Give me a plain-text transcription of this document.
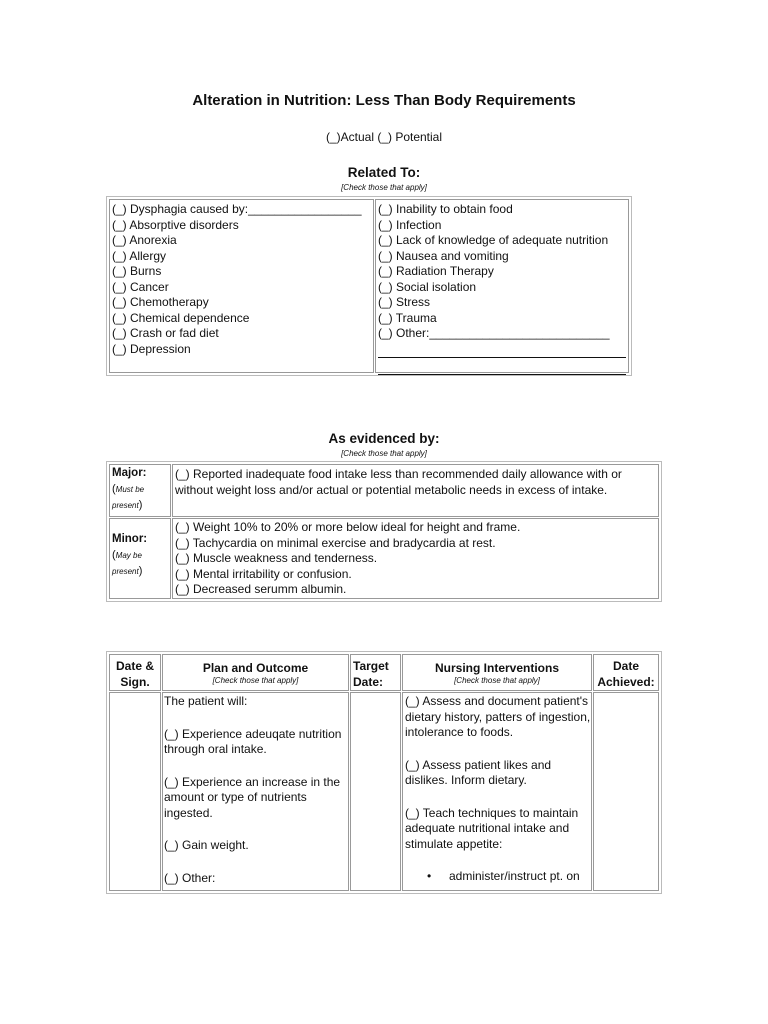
Alteration in Nutrition: Less Than Body Requirements
(_)Actual (_) Potential
Related To:
[Check those that apply]
(_) Dysphagia caused by:_________________
(_) Absorptive disorders
(_) Anorexia
(_) Allergy
(_) Burns
(_) Cancer
(_) Chemotherapy
(_) Chemical dependence
(_) Crash or fad diet
(_) Depression
(_) Inability to obtain food
(_) Infection
(_) Lack of knowledge of adequate nutrition
(_) Nausea and vomiting
(_) Radiation Therapy
(_) Social isolation
(_) Stress
(_) Trauma
(_) Other:___________________________
As evidenced by:
[Check those that apply]
Major:
(Must be present)
(_) Reported inadequate food intake less than recommended daily allowance with or without weight loss and/or actual or potential metabolic needs in excess of intake.
Minor:
(May be present)
(_) Weight 10% to 20% or more below ideal for height and frame.
(_) Tachycardia on minimal exercise and bradycardia at rest.
(_) Muscle weakness and tenderness.
(_) Mental irritability or confusion.
(_) Decreased serumm albumin.
Date & Sign.
Plan and Outcome
[Check those that apply]
Target Date:
Nursing Interventions
[Check those that apply]
Date Achieved:
The patient will:
(_) Experience adeuqate nutrition through oral intake.
(_) Experience an increase in the amount or type of nutrients ingested.
(_) Gain weight.
(_) Other:
(_) Assess and document patient's dietary history, patters of ingestion, intolerance to foods.
(_) Assess patient likes and dislikes. Inform dietary.
(_) Teach techniques to maintain adequate nutritional intake and stimulate appetite:
• administer/instruct pt. on
